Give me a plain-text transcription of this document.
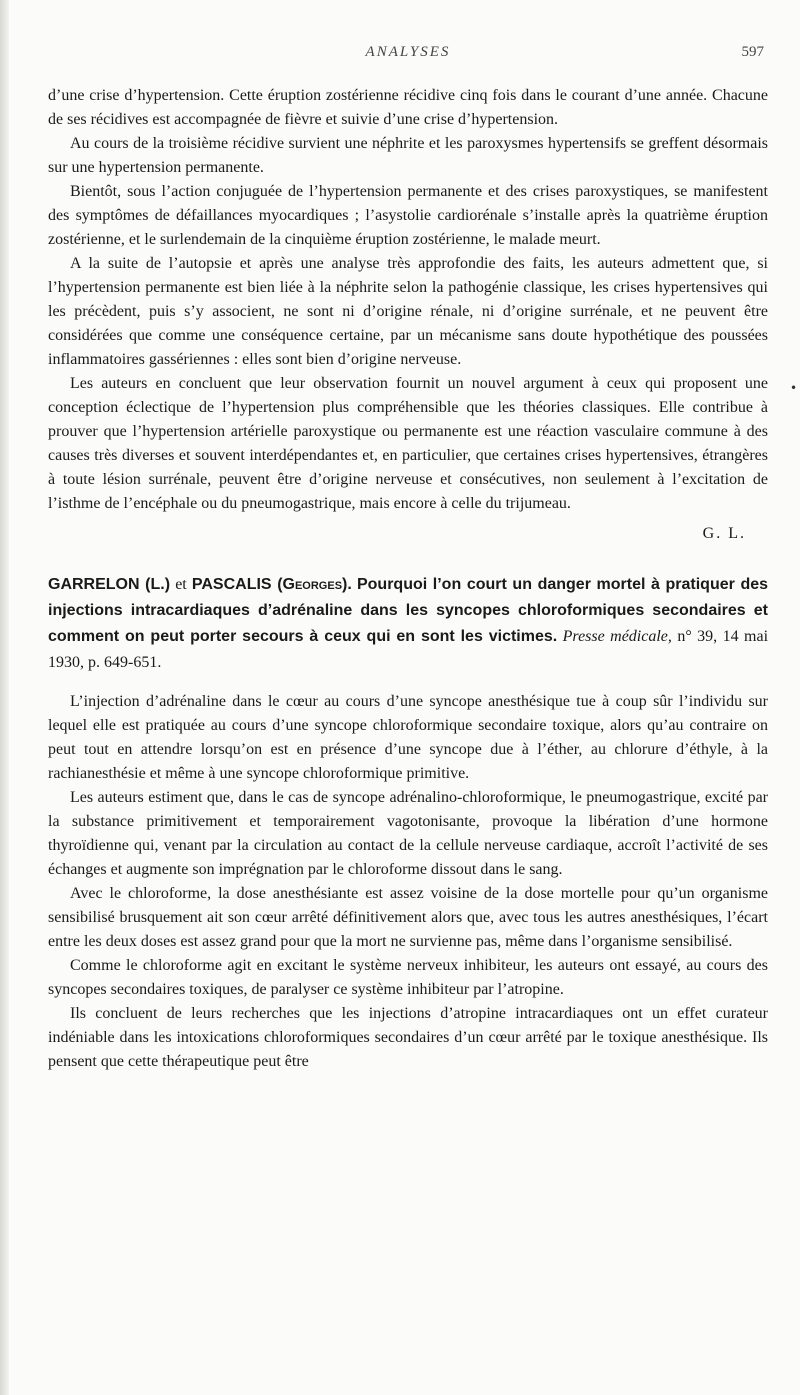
ANALYSES	597
•

d’une crise d’hypertension. Cette éruption zostérienne récidive cinq fois dans le courant d’une année. Chacune de ses récidives est accompagnée de fièvre et suivie d’une crise d’hypertension.

Au cours de la troisième récidive survient une néphrite et les paroxysmes hypertensifs se greffent désormais sur une hypertension permanente.

Bientôt, sous l’action conjuguée de l’hypertension permanente et des crises paroxystiques, se manifestent des symptômes de défaillances myocardiques ; l’asystolie cardiorénale s’installe après la quatrième éruption zostérienne, et le surlendemain de la cinquième éruption zostérienne, le malade meurt.

A la suite de l’autopsie et après une analyse très approfondie des faits, les auteurs admettent que, si l’hypertension permanente est bien liée à la néphrite selon la pathogénie classique, les crises hypertensives qui les précèdent, puis s’y associent, ne sont ni d’origine rénale, ni d’origine surrénale, et ne peuvent être considérées que comme une conséquence certaine, par un mécanisme sans doute hypothétique des poussées inflammatoires gassériennes : elles sont bien d’origine nerveuse.

Les auteurs en concluent que leur observation fournit un nouvel argument à ceux qui proposent une conception éclectique de l’hypertension plus compréhensible que les théories classiques. Elle contribue à prouver que l’hypertension artérielle paroxystique ou permanente est une réaction vasculaire commune à des causes très diverses et souvent interdépendantes et, en particulier, que certaines crises hypertensives, étrangères à toute lésion surrénale, peuvent être d’origine nerveuse et consécutives, non seulement à l’excitation de l’isthme de l’encéphale ou du pneumogastrique, mais encore à celle du trijumeau.

G. L.
GARRELON (L.) et PASCALIS (Georges). Pourquoi l’on court un danger mortel à pratiquer des injections intracardiaques d’adrénaline dans les syncopes chloroformiques secondaires et comment on peut porter secours à ceux qui en sont les victimes. Presse médicale, n° 39, 14 mai 1930, p. 649-651.

L’injection d’adrénaline dans le cœur au cours d’une syncope anesthésique tue à coup sûr l’individu sur lequel elle est pratiquée au cours d’une syncope chloroformique secondaire toxique, alors qu’au contraire on peut tout en attendre lorsqu’on est en présence d’une syncope due à l’éther, au chlorure d’éthyle, à la rachianesthésie et même à une syncope chloroformique primitive.

Les auteurs estiment que, dans le cas de syncope adrénalino-chloroformique, le pneumogastrique, excité par la substance primitivement et temporairement vagotonisante, provoque la libération d’une hormone thyroïdienne qui, venant par la circulation au contact de la cellule nerveuse cardiaque, accroît l’activité de ses échanges et augmente son imprégnation par le chloroforme dissout dans le sang.

Avec le chloroforme, la dose anesthésiante est assez voisine de la dose mortelle pour qu’un organisme sensibilisé brusquement ait son cœur arrêté définitivement alors que, avec tous les autres anesthésiques, l’écart entre les deux doses est assez grand pour que la mort ne survienne pas, même dans l’organisme sensibilisé.

Comme le chloroforme agit en excitant le système nerveux inhibiteur, les auteurs ont essayé, au cours des syncopes secondaires toxiques, de paralyser ce système inhibiteur par l’atropine.

Ils concluent de leurs recherches que les injections d’atropine intracardiaques ont un effet curateur indéniable dans les intoxications chloroformiques secondaires d’un cœur arrêté par le toxique anesthésique. Ils pensent que cette thérapeutique peut être
